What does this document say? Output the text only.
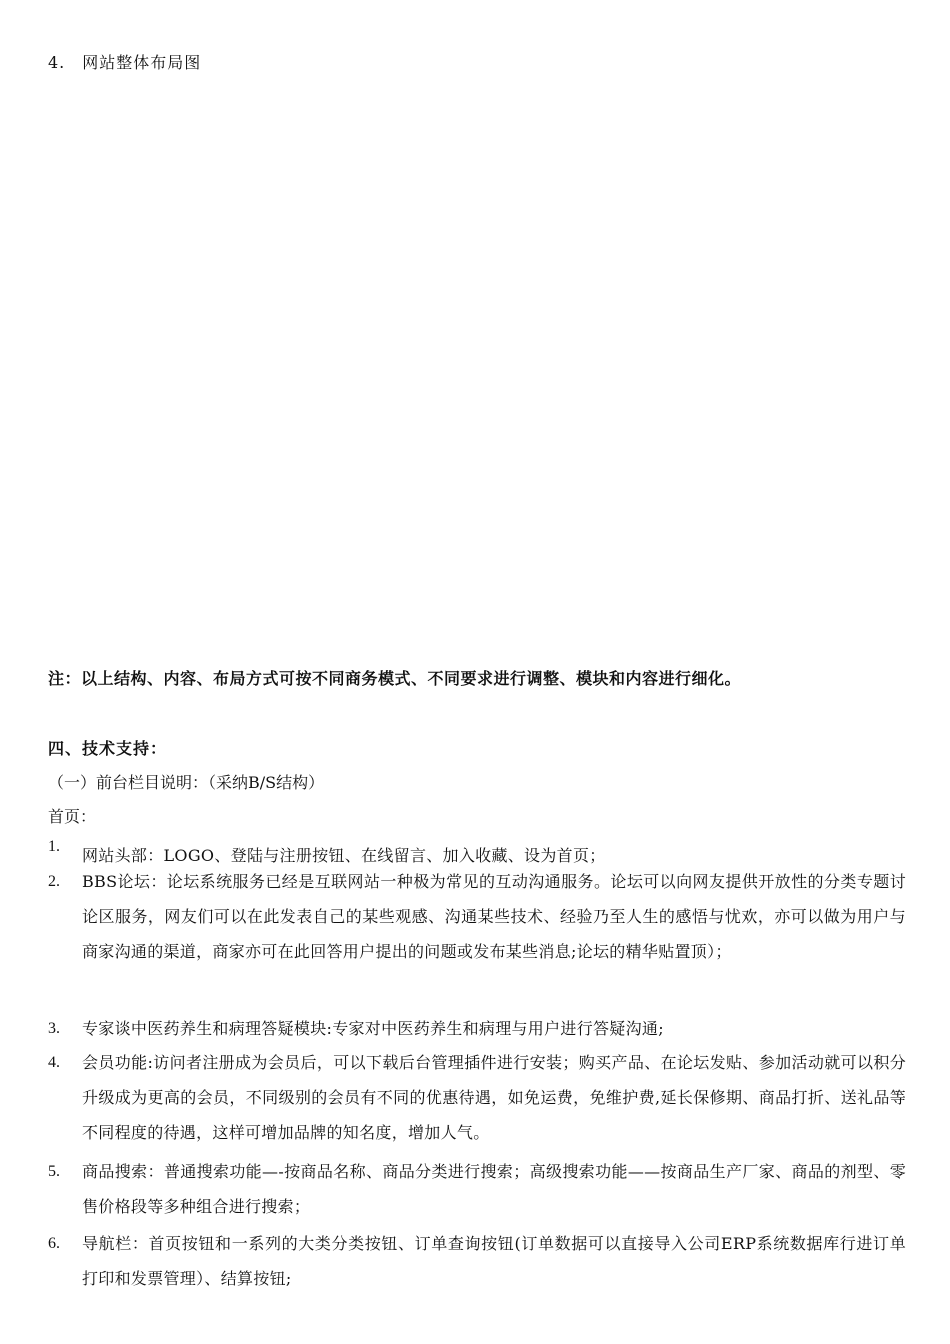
4.　网站整体布局图
注：以上结构、内容、布局方式可按不同商务模式、不同要求进行调整、模块和内容进行细化。
四、技术支持：
（一）前台栏目说明：（采纳B/S结构）
首页：
1. 网站头部：LOGO、登陆与注册按钮、在线留言、加入收藏、设为首页；
2. BBS论坛：论坛系统服务已经是互联网站一种极为常见的互动沟通服务。论坛可以向网友提供开放性的分类专题讨论区服务，网友们可以在此发表自己的某些观感、沟通某些技术、经验乃至人生的感悟与忧欢，亦可以做为用户与商家沟通的渠道，商家亦可在此回答用户提出的问题或发布某些消息;论坛的精华贴置顶）；
3. 专家谈中医药养生和病理答疑模块:专家对中医药养生和病理与用户进行答疑沟通;
4. 会员功能:访问者注册成为会员后，可以下载后台管理插件进行安装；购买产品、在论坛发贴、参加活动就可以积分升级成为更高的会员，不同级别的会员有不同的优惠待遇，如免运费，免维护费,延长保修期、商品打折、送礼品等不同程度的待遇，这样可增加品牌的知名度，增加人气。
5. 商品搜索：普通搜索功能—-按商品名称、商品分类进行搜索；高级搜索功能——按商品生产厂家、商品的剂型、零售价格段等多种组合进行搜索；
6. 导航栏：首页按钮和一系列的大类分类按钮、订单查询按钮(订单数据可以直接导入公司ERP系统数据库行进订单打印和发票管理）、结算按钮;
